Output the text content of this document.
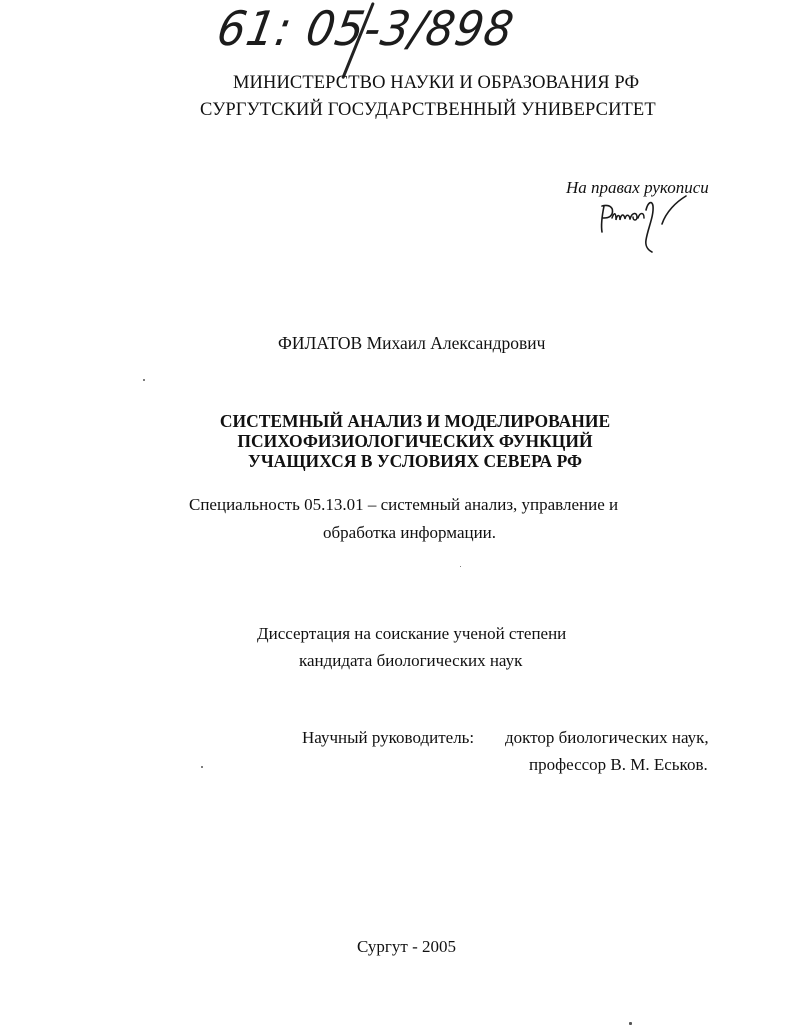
61: 05-3/898
МИНИСТЕРСТВО НАУКИ И ОБРАЗОВАНИЯ РФ
СУРГУТСКИЙ ГОСУДАРСТВЕННЫЙ УНИВЕРСИТЕТ
На правах рукописи
ФИЛАТОВ Михаил Александрович
СИСТЕМНЫЙ АНАЛИЗ И МОДЕЛИРОВАНИЕ
ПСИХОФИЗИОЛОГИЧЕСКИХ ФУНКЦИЙ
УЧАЩИХСЯ В УСЛОВИЯХ СЕВЕРА РФ
Специальность 05.13.01 – системный анализ, управление и
обработка информации.
Диссертация на соискание ученой степени
кандидата биологических наук
Научный руководитель: доктор биологических наук,
профессор В. М. Еськов.
Сургут - 2005
